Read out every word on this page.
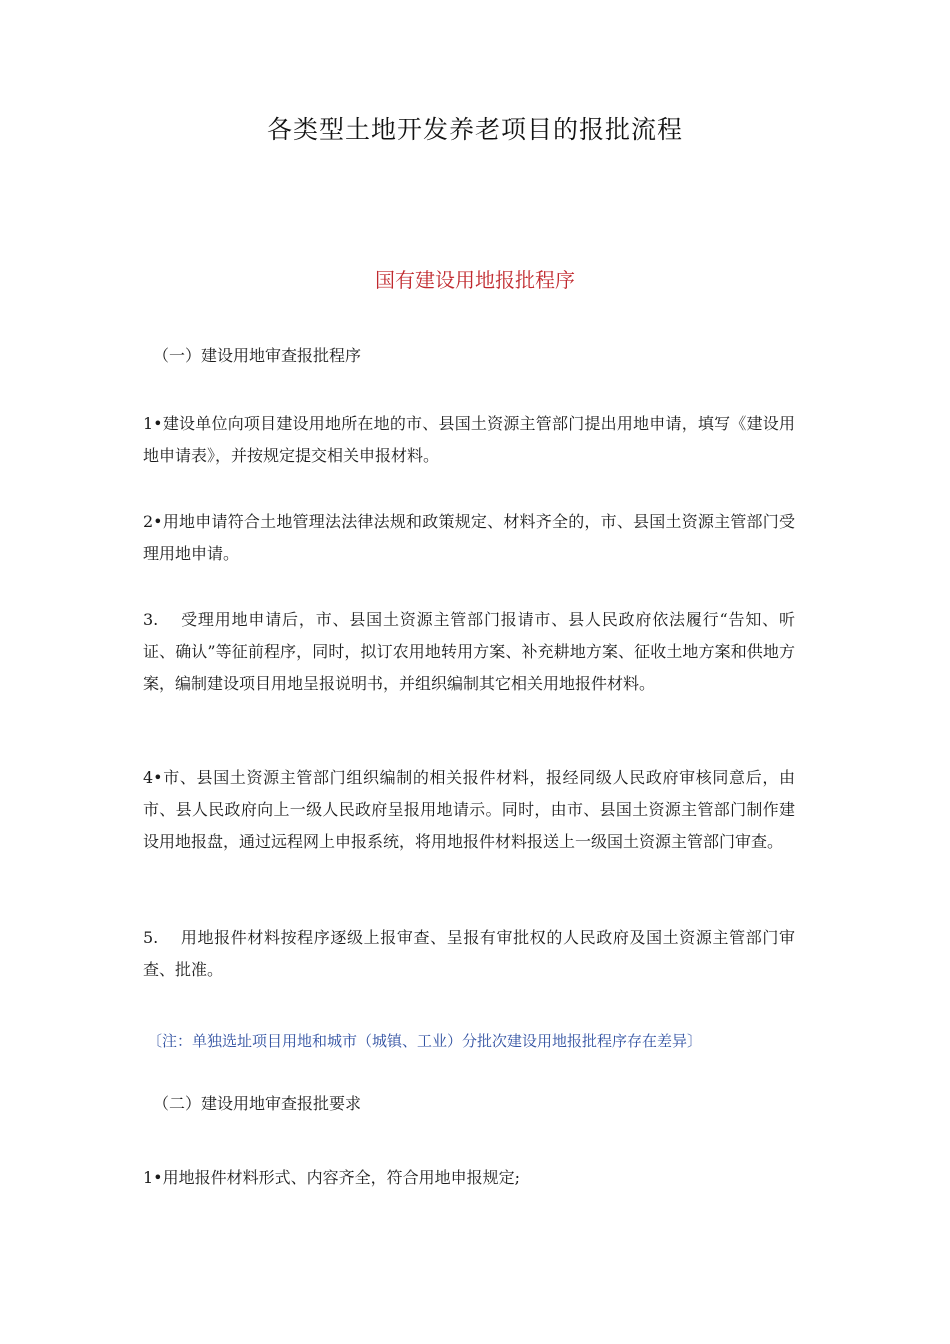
各类型土地开发养老项目的报批流程
国有建设用地报批程序
（一）建设用地审查报批程序
1•建设单位向项目建设用地所在地的市、县国土资源主管部门提出用地申请，填写《建设用地申请表》，并按规定提交相关申报材料。
2•用地申请符合土地管理法法律法规和政策规定、材料齐全的，市、县国土资源主管部门受理用地申请。
3. 受理用地申请后，市、县国土资源主管部门报请市、县人民政府依法履行“告知、听证、确认”等征前程序，同时，拟订农用地转用方案、补充耕地方案、征收土地方案和供地方案，编制建设项目用地呈报说明书，并组织编制其它相关用地报件材料。
4•市、县国土资源主管部门组织编制的相关报件材料，报经同级人民政府审核同意后，由市、县人民政府向上一级人民政府呈报用地请示。同时，由市、县国土资源主管部门制作建设用地报盘，通过远程网上申报系统，将用地报件材料报送上一级国土资源主管部门审查。
5. 用地报件材料按程序逐级上报审查、呈报有审批权的人民政府及国土资源主管部门审查、批准。
〔注：单独选址项目用地和城市（城镇、工业）分批次建设用地报批程序存在差异〕
（二）建设用地审查报批要求
1•用地报件材料形式、内容齐全，符合用地申报规定;
